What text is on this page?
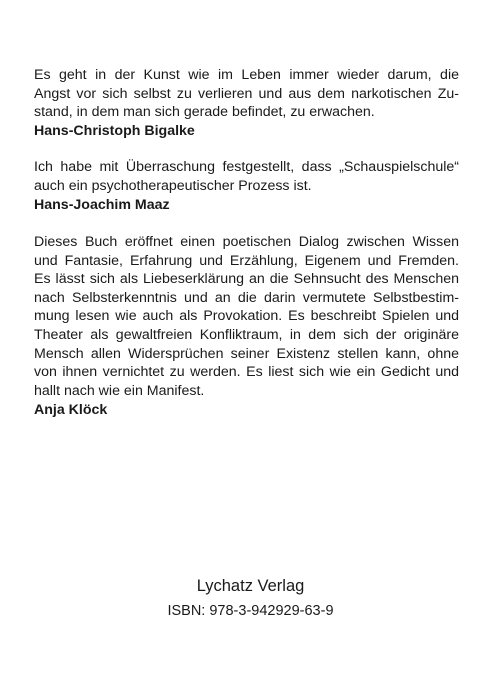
Es geht in der Kunst wie im Leben immer wieder darum, die
Angst vor sich selbst zu verlieren und aus dem narkotischen Zu-
stand, in dem man sich gerade befindet, zu erwachen.
Hans-Christoph Bigalke
Ich habe mit Überraschung festgestellt, dass „Schauspielschule“
auch ein psychotherapeutischer Prozess ist.
Hans-Joachim Maaz
Dieses Buch eröffnet einen poetischen Dialog zwischen Wissen
und Fantasie, Erfahrung und Erzählung, Eigenem und Fremden.
Es lässt sich als Liebeserklärung an die Sehnsucht des Menschen
nach Selbsterkenntnis und an die darin vermutete Selbstbestim-
mung lesen wie auch als Provokation. Es beschreibt Spielen und
Theater als gewaltfreien Konfliktraum, in dem sich der originäre
Mensch allen Widersprüchen seiner Existenz stellen kann, ohne
von ihnen vernichtet zu werden. Es liest sich wie ein Gedicht und
hallt nach wie ein Manifest.
Anja Klöck
Lychatz Verlag
ISBN: 978-3-942929-63-9
